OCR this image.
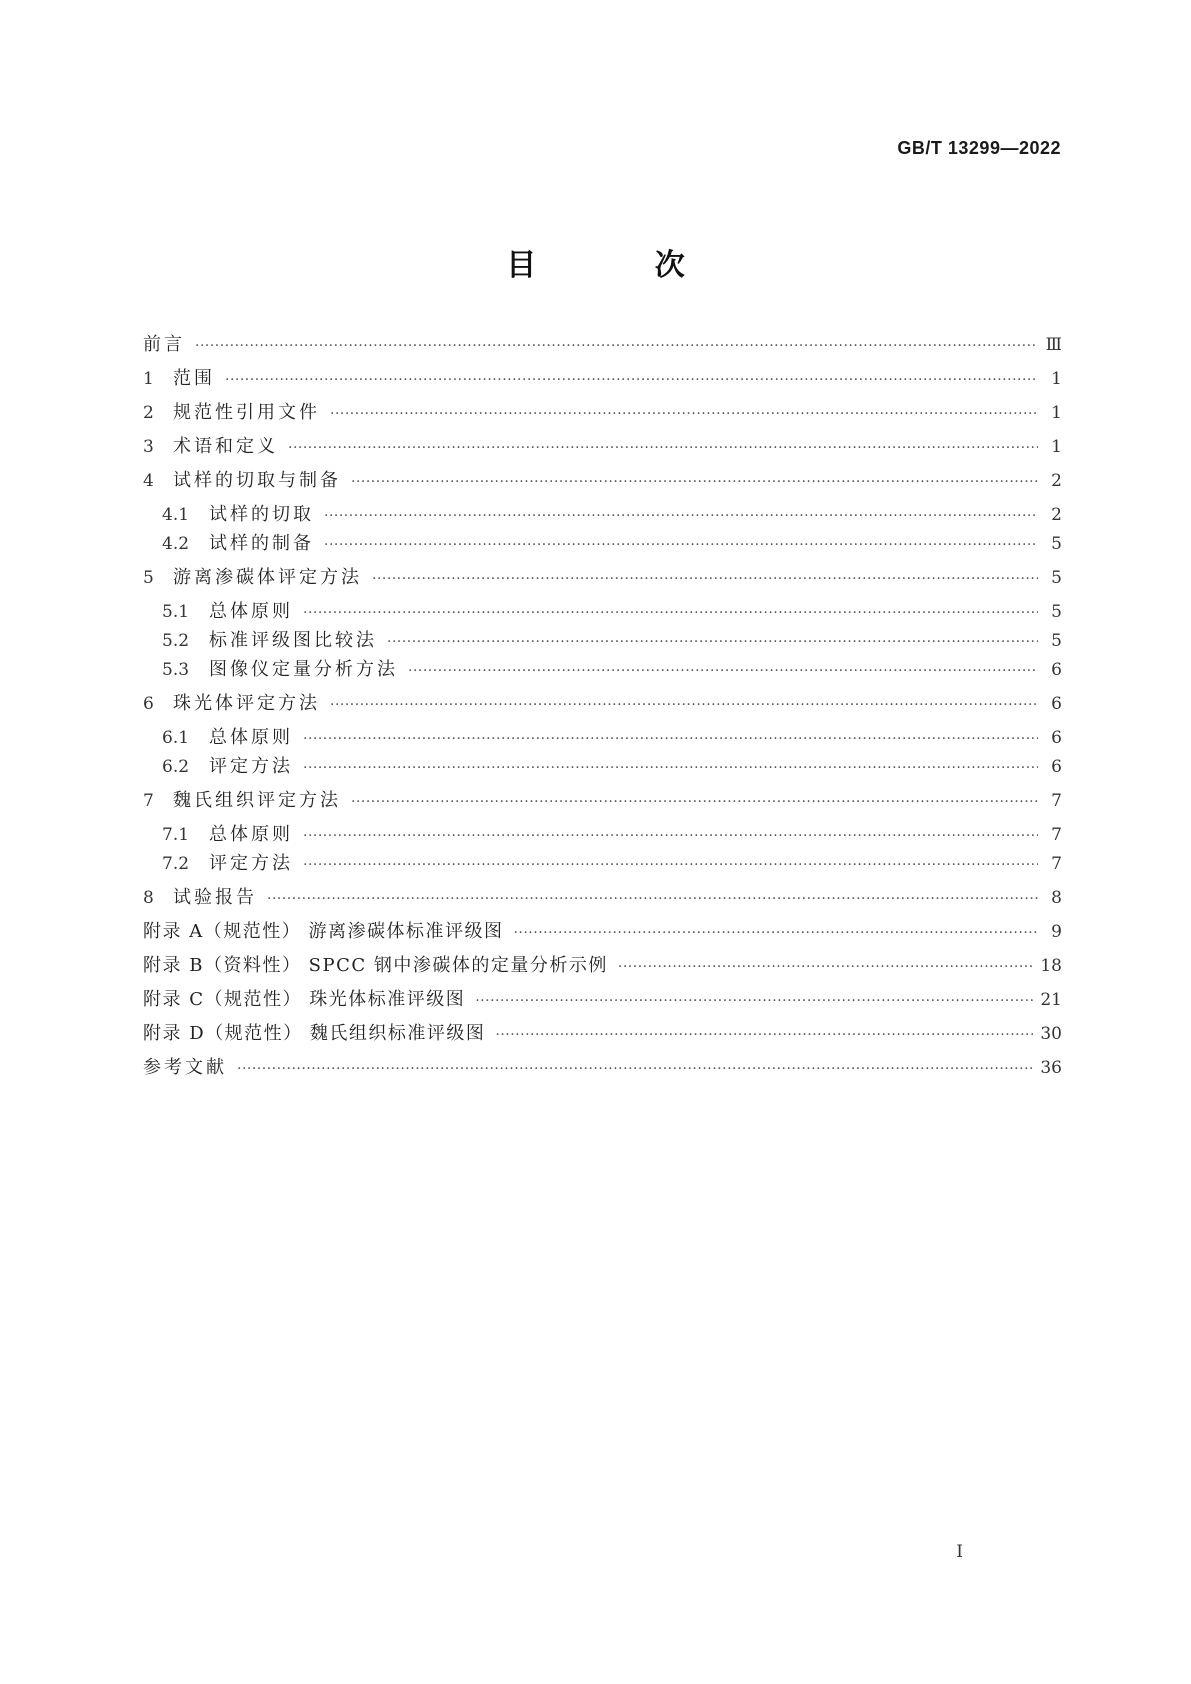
GB/T 13299—2022
目 次
前言 ·····	Ⅲ
1	范围 ·····	1
2	规范性引用文件 ·····	1
3	术语和定义 ·····	1
4	试样的切取与制备 ·····	2
4.1	试样的切取 ·····	2
4.2	试样的制备 ·····	5
5	游离渗碳体评定方法 ·····	5
5.1	总体原则 ·····	5
5.2	标准评级图比较法 ·····	5
5.3	图像仪定量分析方法 ·····	6
6	珠光体评定方法 ·····	6
6.1	总体原则 ·····	6
6.2	评定方法 ·····	6
7	魏氏组织评定方法 ·····	7
7.1	总体原则 ·····	7
7.2	评定方法 ·····	7
8	试验报告 ·····	8
附录 A（规范性） 游离渗碳体标准评级图 ·····	9
附录 B（资料性） SPCC 钢中渗碳体的定量分析示例 ·····	18
附录 C（规范性） 珠光体标准评级图 ·····	21
附录 D（规范性） 魏氏组织标准评级图 ·····	30
参考文献 ·····	36
I
